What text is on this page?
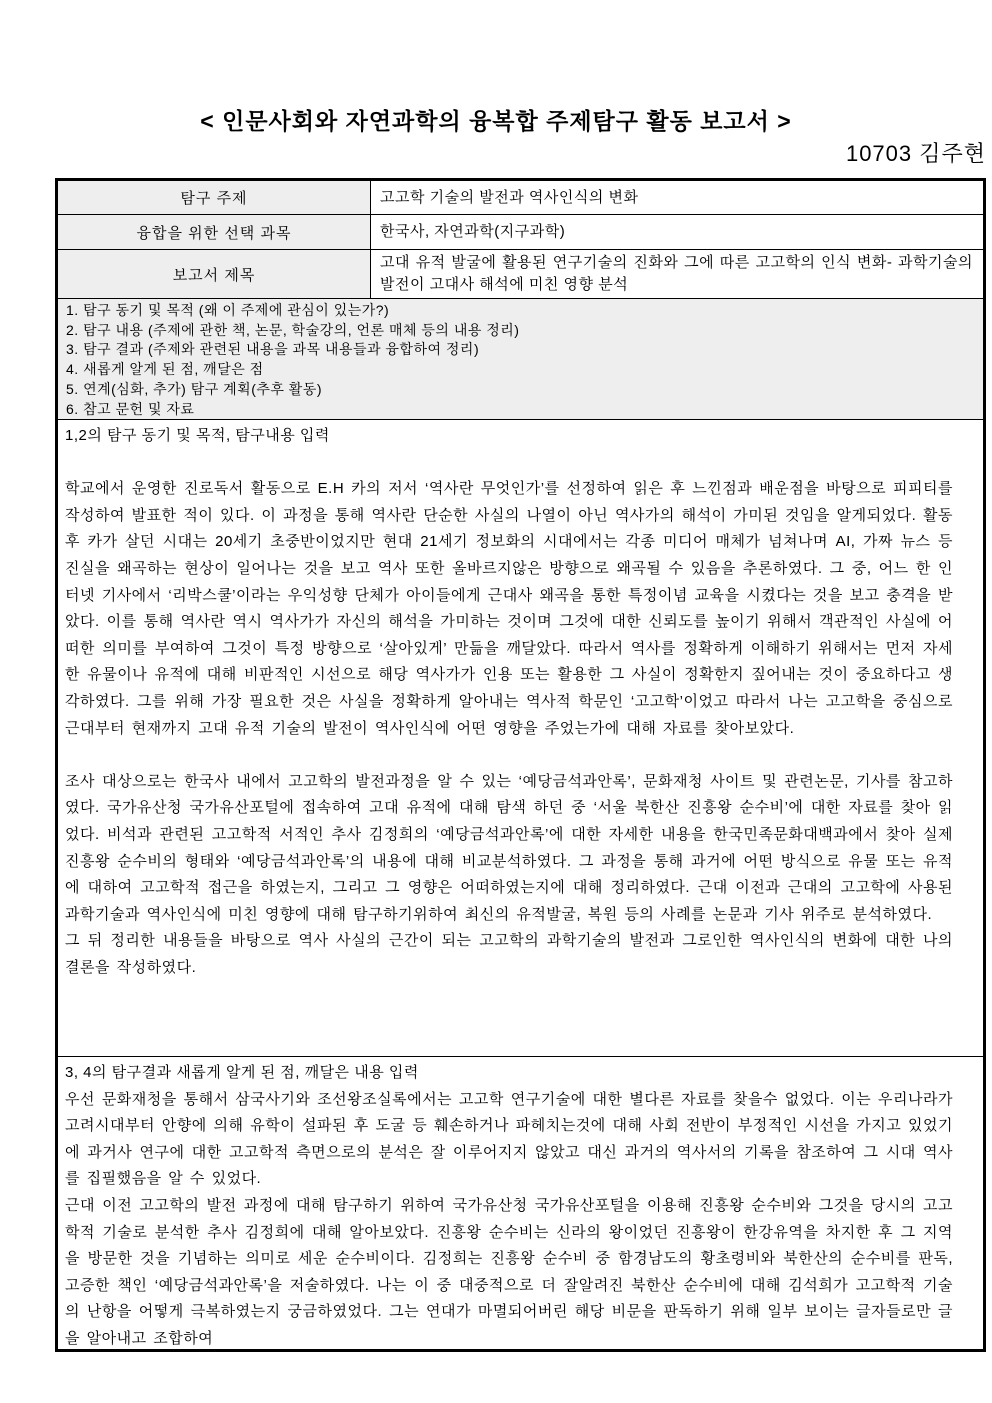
< 인문사회와 자연과학의 융복합 주제탐구 활동 보고서 >
10703 김주현
탐구 주제	고고학 기술의 발전과 역사인식의 변화
융합을 위한 선택 과목	한국사, 자연과학(지구과학)
보고서 제목
고대 유적 발굴에 활용된 연구기술의 진화와 그에 따른 고고학의 인식 변화- 과학기술의 발전이 고대사 해석에 미친 영향 분석
1. 탐구 동기 및 목적 (왜 이 주제에 관심이 있는가?)
2. 탐구 내용 (주제에 관한 책, 논문, 학술강의, 언론 매체 등의 내용 정리)
3. 탐구 결과 (주제와 관련된 내용을 과목 내용들과 융합하여 정리)
4. 새롭게 알게 된 점, 깨달은 점
5. 연계(심화, 추가) 탐구 계획(추후 활동)
6. 참고 문헌 및 자료
1,2의 탐구 동기 및 목적, 탐구내용 입력

학교에서 운영한 진로독서 활동으로 E.H 카의 저서 ‘역사란 무엇인가’를 선정하여 읽은 후 느낀점과 배운점을 바탕으로 피피티를 작성하여 발표한 적이 있다. 이 과정을 통해 역사란 단순한 사실의 나열이 아닌 역사가의 해석이 가미된 것임을 알게되었다. 활동 후 카가 살던 시대는 20세기 초중반이었지만 현대 21세기 정보화의 시대에서는 각종 미디어 매체가 넘쳐나며 AI, 가짜 뉴스 등 진실을 왜곡하는 현상이 일어나는 것을 보고 역사 또한 올바르지않은 방향으로 왜곡될 수 있음을 추론하였다. 그 중, 어느 한 인터넷 기사에서 ‘리박스쿨’이라는 우익성향 단체가 아이들에게 근대사 왜곡을 통한 특정이념 교육을 시켰다는 것을 보고 충격을 받았다. 이를 통해 역사란 역시 역사가가 자신의 해석을 가미하는 것이며 그것에 대한 신뢰도를 높이기 위해서 객관적인 사실에 어떠한 의미를 부여하여 그것이 특정 방향으로 ‘살아있게’ 만듦을 깨달았다. 따라서 역사를 정확하게 이해하기 위해서는 먼저 자세한 유물이나 유적에 대해 비판적인 시선으로 해당 역사가가 인용 또는 활용한 그 사실이 정확한지 짚어내는 것이 중요하다고 생각하였다. 그를 위해 가장 필요한 것은 사실을 정확하게 알아내는 역사적 학문인 ‘고고학’이었고 따라서 나는 고고학을 중심으로 근대부터 현재까지 고대 유적 기술의 발전이 역사인식에 어떤 영향을 주었는가에 대해 자료를 찾아보았다.

조사 대상으로는 한국사 내에서 고고학의 발전과정을 알 수 있는 ‘예당금석과안록’, 문화재청 사이트 및 관련논문, 기사를 참고하였다. 국가유산청 국가유산포털에 접속하여 고대 유적에 대해 탐색 하던 중 ‘서울 북한산 진흥왕 순수비’에 대한 자료를 찾아 읽었다. 비석과 관련된 고고학적 서적인 추사 김정희의 ‘예당금석과안록’에 대한 자세한 내용을 한국민족문화대백과에서 찾아 실제 진흥왕 순수비의 형태와 ‘예당금석과안록’의 내용에 대해 비교분석하였다. 그 과정을 통해 과거에 어떤 방식으로 유물 또는 유적에 대하여 고고학적 접근을 하였는지, 그리고 그 영향은 어떠하였는지에 대해 정리하였다. 근대 이전과 근대의 고고학에 사용된 과학기술과 역사인식에 미친 영향에 대해 탐구하기위하여 최신의 유적발굴, 복원 등의 사례를 논문과 기사 위주로 분석하였다.

그 뒤 정리한 내용들을 바탕으로 역사 사실의 근간이 되는 고고학의 과학기술의 발전과 그로인한 역사인식의 변화에 대한 나의 결론을 작성하였다.

3, 4의 탐구결과 새롭게 알게 된 점, 깨달은 내용 입력

우선 문화재청을 통해서 삼국사기와 조선왕조실록에서는 고고학 연구기술에 대한 별다른 자료를 찾을수 없었다. 이는 우리나라가 고려시대부터 안향에 의해 유학이 설파된 후 도굴 등 훼손하거나 파헤치는것에 대해 사회 전반이 부정적인 시선을 가지고 있었기에 과거사 연구에 대한 고고학적 측면으로의 분석은 잘 이루어지지 않았고 대신 과거의 역사서의 기록을 참조하여 그 시대 역사를 집필했음을 알 수 있었다.

근대 이전 고고학의 발전 과정에 대해 탐구하기 위하여 국가유산청 국가유산포털을 이용해 진흥왕 순수비와 그것을 당시의 고고학적 기술로 분석한 추사 김정희에 대해 알아보았다. 진흥왕 순수비는 신라의 왕이었던 진흥왕이 한강유역을 차지한 후 그 지역을 방문한 것을 기념하는 의미로 세운 순수비이다. 김정희는 진흥왕 순수비 중 함경남도의 황초령비와 북한산의 순수비를 판독,고증한 책인 ‘예당금석과안록’을 저술하였다. 나는 이 중 대중적으로 더 잘알려진 북한산 순수비에 대해 김석희가 고고학적 기술의 난항을 어떻게 극복하였는지 궁금하였었다. 그는 연대가 마멸되어버린 해당 비문을 판독하기 위해 일부 보이는 글자들로만 글을 알아내고 조합하여
